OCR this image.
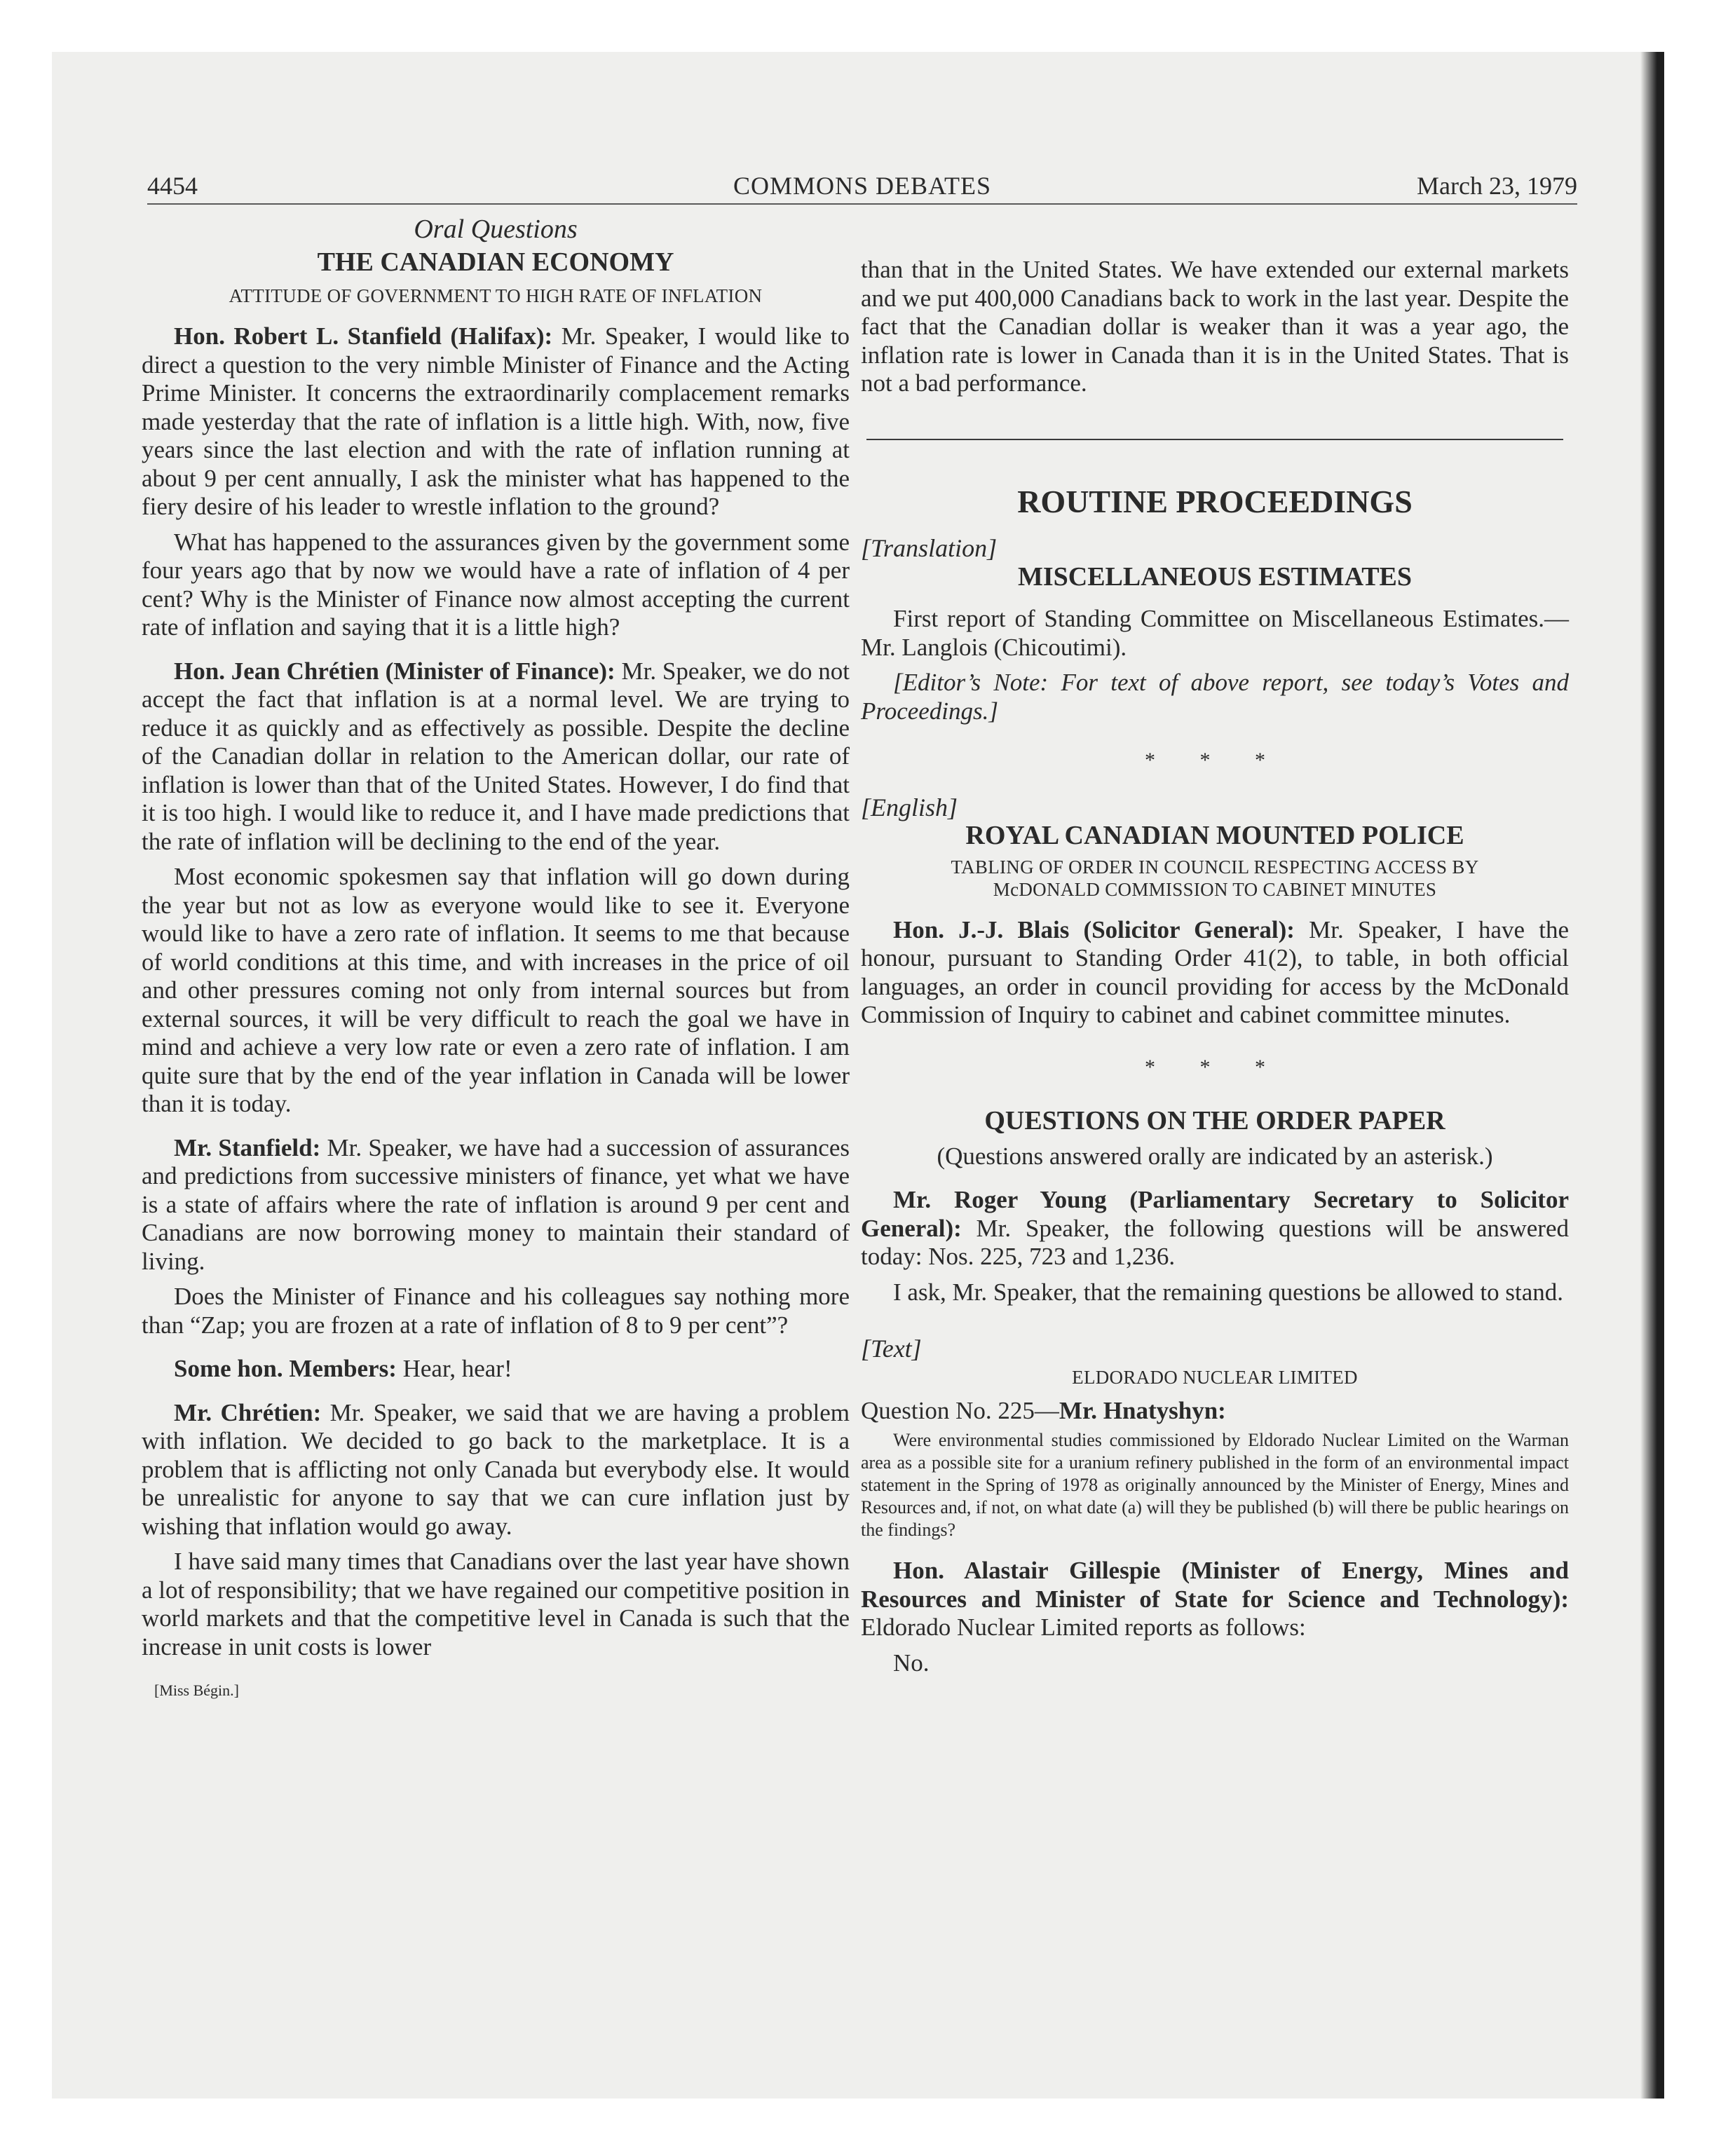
4454	COMMONS DEBATES	March 23, 1979
Oral Questions
THE CANADIAN ECONOMY
ATTITUDE OF GOVERNMENT TO HIGH RATE OF INFLATION

Hon. Robert L. Stanfield (Halifax): Mr. Speaker, I would like to direct a question to the very nimble Minister of Finance and the Acting Prime Minister. It concerns the extraordinarily complacement remarks made yesterday that the rate of inflation is a little high. With, now, five years since the last election and with the rate of inflation running at about 9 per cent annually, I ask the minister what has happened to the fiery desire of his leader to wrestle inflation to the ground?

What has happened to the assurances given by the government some four years ago that by now we would have a rate of inflation of 4 per cent? Why is the Minister of Finance now almost accepting the current rate of inflation and saying that it is a little high?

Hon. Jean Chrétien (Minister of Finance): Mr. Speaker, we do not accept the fact that inflation is at a normal level. We are trying to reduce it as quickly and as effectively as possible. Despite the decline of the Canadian dollar in relation to the American dollar, our rate of inflation is lower than that of the United States. However, I do find that it is too high. I would like to reduce it, and I have made predictions that the rate of inflation will be declining to the end of the year.

Most economic spokesmen say that inflation will go down during the year but not as low as everyone would like to see it. Everyone would like to have a zero rate of inflation. It seems to me that because of world conditions at this time, and with increases in the price of oil and other pressures coming not only from internal sources but from external sources, it will be very difficult to reach the goal we have in mind and achieve a very low rate or even a zero rate of inflation. I am quite sure that by the end of the year inflation in Canada will be lower than it is today.

Mr. Stanfield: Mr. Speaker, we have had a succession of assurances and predictions from successive ministers of finance, yet what we have is a state of affairs where the rate of inflation is around 9 per cent and Canadians are now borrowing money to maintain their standard of living.

Does the Minister of Finance and his colleagues say nothing more than “Zap; you are frozen at a rate of inflation of 8 to 9 per cent”?

Some hon. Members: Hear, hear!

Mr. Chrétien: Mr. Speaker, we said that we are having a problem with inflation. We decided to go back to the marketplace. It is a problem that is afflicting not only Canada but everybody else. It would be unrealistic for anyone to say that we can cure inflation just by wishing that inflation would go away.

I have said many times that Canadians over the last year have shown a lot of responsibility; that we have regained our competitive position in world markets and that the competitive level in Canada is such that the increase in unit costs is lower

[Miss Bégin.]

than that in the United States. We have extended our external markets and we put 400,000 Canadians back to work in the last year. Despite the fact that the Canadian dollar is weaker than it was a year ago, the inflation rate is lower in Canada than it is in the United States. That is not a bad performance.

ROUTINE PROCEEDINGS
[Translation]
MISCELLANEOUS ESTIMATES

First report of Standing Committee on Miscellaneous Estimates.—Mr. Langlois (Chicoutimi).

[Editor’s Note: For text of above report, see today’s Votes and Proceedings.]

* * *
[English]
ROYAL CANADIAN MOUNTED POLICE
TABLING OF ORDER IN COUNCIL RESPECTING ACCESS BY
McDONALD COMMISSION TO CABINET MINUTES

Hon. J.-J. Blais (Solicitor General): Mr. Speaker, I have the honour, pursuant to Standing Order 41(2), to table, in both official languages, an order in council providing for access by the McDonald Commission of Inquiry to cabinet and cabinet committee minutes.

* * *
QUESTIONS ON THE ORDER PAPER
(Questions answered orally are indicated by an asterisk.)

Mr. Roger Young (Parliamentary Secretary to Solicitor General): Mr. Speaker, the following questions will be answered today: Nos. 225, 723 and 1,236.

I ask, Mr. Speaker, that the remaining questions be allowed to stand.

[Text]
ELDORADO NUCLEAR LIMITED
Question No. 225—Mr. Hnatyshyn:

Were environmental studies commissioned by Eldorado Nuclear Limited on the Warman area as a possible site for a uranium refinery published in the form of an environmental impact statement in the Spring of 1978 as originally announced by the Minister of Energy, Mines and Resources and, if not, on what date (a) will they be published (b) will there be public hearings on the findings?

Hon. Alastair Gillespie (Minister of Energy, Mines and Resources and Minister of State for Science and Technology): Eldorado Nuclear Limited reports as follows:

No.
